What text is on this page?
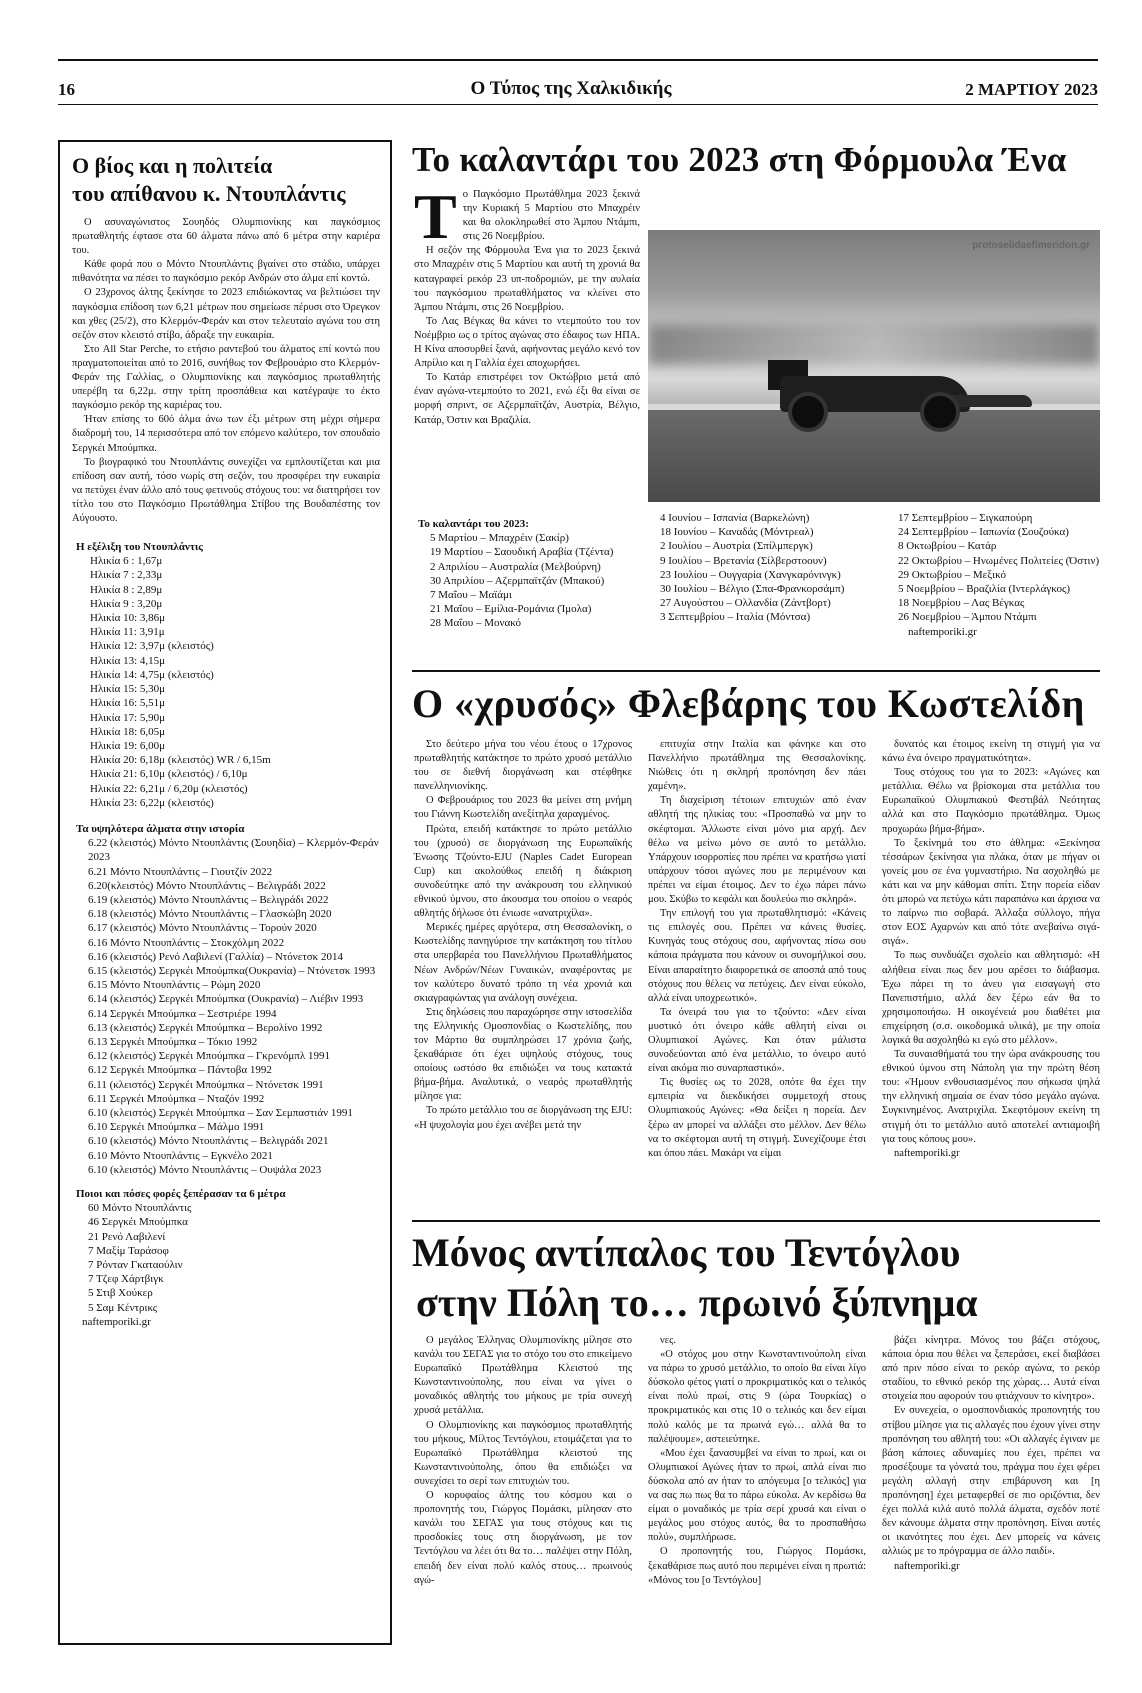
16	Ο Τύπος της Χαλκιδικής	2 ΜΑΡΤΙΟΥ 2023
Ο βίος και η πολιτεία
του απίθανου κ. Ντουπλάντις

Ο ασυναγώνιστος Σουηδός Ολυμπιονίκης και παγκόσμιος πρωταθλητής έφτασε στα 60 άλματα πάνω από 6 μέτρα στην καριέρα του.

Κάθε φορά που ο Μόντο Ντουπλάντις βγαίνει στο στάδιο, υπάρχει πιθανότητα να πέσει το παγκόσμιο ρεκόρ Ανδρών στο άλμα επί κοντώ.

Ο 23χρονος άλτης ξεκίνησε το 2023 επιδιώκοντας να βελτιώσει την παγκόσμια επίδοση των 6,21 μέτρων που σημείωσε πέρυσι στο Όρεγκον και χθες (25/2), στο Κλερμόν-Φεράν και στον τελευταίο αγώνα του στη σεζόν στον κλειστό στίβο, άδραξε την ευκαιρία.

Στο All Star Perche, το ετήσιο ραντεβού του άλματος επί κοντώ που πραγματοποιείται από το 2016, συνήθως τον Φεβρουάριο στο Κλερμόν-Φεράν της Γαλλίας, ο Ολυμπιονίκης και παγκόσμιος πρωταθλητής υπερέβη τα 6,22μ. στην τρίτη προσπάθεια και κατέγραψε το έκτο παγκόσμιο ρεκόρ της καριέρας του.

Ήταν επίσης το 60ό άλμα άνω των έξι μέτρων στη μέχρι σήμερα διαδρομή του, 14 περισσότερα από τον επόμενο καλύτερο, τον σπουδαίο Σεργκέι Μπούμπκα.

Το βιογραφικό του Ντουπλάντις συνεχίζει να εμπλουτίζεται και μια επίδοση σαν αυτή, τόσο νωρίς στη σεζόν, του προσφέρει την ευκαιρία να πετύχει έναν άλλο από τους φετινούς στόχους του: να διατηρήσει τον τίτλο του στο Παγκόσμιο Πρωτάθλημα Στίβου της Βουδαπέστης τον Αύγουστο.

Η εξέλιξη του Ντουπλάντις
Ηλικία 6 : 1,67μ
Ηλικία 7 : 2,33μ
Ηλικία 8 : 2,89μ
Ηλικία 9 : 3,20μ
Ηλικία 10: 3,86μ
Ηλικία 11: 3,91μ
Ηλικία 12: 3,97μ (κλειστός)
Ηλικία 13: 4,15μ
Ηλικία 14: 4,75μ (κλειστός)
Ηλικία 15: 5,30μ
Ηλικία 16: 5,51μ
Ηλικία 17: 5,90μ
Ηλικία 18: 6,05μ
Ηλικία 19: 6,00μ
Ηλικία 20: 6,18μ (κλειστός) WR / 6,15m
Ηλικία 21: 6,10μ (κλειστός) / 6,10μ
Ηλικία 22: 6,21μ / 6,20μ (κλειστός)
Ηλικία 23: 6,22μ (κλειστός)
Τα υψηλότερα άλματα στην ιστορία
6.22 (κλειστός) Μόντο Ντουπλάντις (Σουηδία) – Κλερμόν-Φεράν 2023
6.21 Μόντο Ντουπλάντις – Γιουτζίν 2022
6.20(κλειστός) Μόντο Ντουπλάντις – Βελιγράδι 2022
6.19 (κλειστός) Μόντο Ντουπλάντις – Βελιγράδι 2022
6.18 (κλειστός) Μόντο Ντουπλάντις – Γλασκώβη 2020
6.17 (κλειστός) Μόντο Ντουπλάντις – Τορούν 2020
6.16 Μόντο Ντουπλάντις – Στοκχόλμη 2022
6.16 (κλειστός) Ρενό Λαβιλενί (Γαλλία) – Ντόνετσκ 2014
6.15 (κλειστός) Σεργκέι Μπούμπκα(Ουκρανία) – Ντόνετσκ 1993
6.15 Μόντο Ντουπλάντις – Ρώμη 2020
6.14 (κλειστός) Σεργκέι Μπούμπκα (Ουκρανία) – Λιέβιν 1993
6.14 Σεργκέι Μπούμπκα – Σεστριέρε 1994
6.13 (κλειστός) Σεργκέι Μπούμπκα – Βερολίνο 1992
6.13 Σεργκέι Μπούμπκα – Τόκιο 1992
6.12 (κλειστός) Σεργκέι Μπούμπκα – Γκρενόμπλ 1991
6.12 Σεργκέι Μπούμπκα – Πάντοβα 1992
6.11 (κλειστός) Σεργκέι Μπούμπκα – Ντόνετσκ 1991
6.11 Σεργκέι Μπούμπκα – Νταζόν 1992
6.10 (κλειστός) Σεργκέι Μπούμπκα – Σαν Σεμπαστιάν 1991
6.10 Σεργκέι Μπούμπκα – Μάλμο 1991
6.10 (κλειστός) Μόντο Ντουπλάντις – Βελιγράδι 2021
6.10 Μόντο Ντουπλάντις – Εγκνέλο 2021
6.10 (κλειστός) Μόντο Ντουπλάντις – Ουψάλα 2023
Ποιοι και πόσες φορές ξεπέρασαν τα 6 μέτρα
60 Μόντο Ντουπλάντις
46 Σεργκέι Μπούμπκα
21 Ρενό Λαβιλενί
7 Μαξίμ Ταράσοφ
7 Ρόνταν Γκαταούλιν
7 Τζεφ Χάρτβιγκ
5 Στιβ Χούκερ
5 Σαμ Κέντρικς
naftemporiki.gr
Το καλαντάρι του 2023 στη Φόρμουλα Ένα

Το Παγκόσμιο Πρωτάθλημα 2023 ξεκινά την Κυριακή 5 Μαρτίου στο Μπαχρέιν και θα ολοκληρωθεί στο Άμπου Ντάμπι, στις 26 Νοεμβρίου.

Η σεζόν της Φόρμουλα Ένα για το 2023 ξεκινά στο Μπαχρέιν στις 5 Μαρτίου και αυτή τη χρονιά θα καταγραφεί ρεκόρ 23 υπ-ποδρομιών, με την αυλαία του παγκόσμιου πρωταθλήματος να κλείνει στο Άμπου Ντάμπι, στις 26 Νοεμβρίου.

Το Λας Βέγκας θα κάνει το ντεμπούτο του τον Νοέμβριο ως ο τρίτος αγώνας στο έδαφος των ΗΠΑ. Η Κίνα αποσυρθεί ξανά, αφήνοντας μεγάλο κενό τον Απρίλιο και η Γαλλία έχει αποχωρήσει.

Το Κατάρ επιστρέφει τον Οκτώβριο μετά από έναν αγώνα-ντεμπούτο το 2021, ενώ έξι θα είναι σε μορφή σπριντ, σε Αζερμπαϊτζάν, Αυστρία, Βέλγιο, Κατάρ, Όστιν και Βραζιλία.

protoselidaefimeridon.gr
Το καλαντάρι του 2023:
5 Μαρτίου – Μπαχρέιν (Σακίρ)
19 Μαρτίου – Σαουδική Αραβία (Τζέντα)
2 Απριλίου – Αυστραλία (Μελβούρνη)
30 Απριλίου – Αζερμπαϊτζάν (Μπακού)
7 Μαΐου – Μαϊάμι
21 Μαΐου – Εμίλια-Ρομάνια (Ίμολα)
28 Μαΐου – Μονακό
4 Ιουνίου – Ισπανία (Βαρκελώνη)
18 Ιουνίου – Καναδάς (Μόντρεαλ)
2 Ιουλίου – Αυστρία (Σπίλμπεργκ)
9 Ιουλίου – Βρετανία (Σίλβερστοουν)
23 Ιουλίου – Ουγγαρία (Χανγκαρόνινγκ)
30 Ιουλίου – Βέλγιο (Σπα-Φρανκορσάμπ)
27 Αυγούστου – Ολλανδία (Ζάντβορτ)
3 Σεπτεμβρίου – Ιταλία (Μόντσα)
17 Σεπτεμβρίου – Σιγκαπούρη
24 Σεπτεμβρίου – Ιαπωνία (Σουζούκα)
8 Οκτωβρίου – Κατάρ
22 Οκτωβρίου – Ηνωμένες Πολιτείες (Όστιν)
29 Οκτωβρίου – Μεξικό
5 Νοεμβρίου – Βραζιλία (Ιντερλάγκος)
18 Νοεμβρίου – Λας Βέγκας
26 Νοεμβρίου – Άμπου Ντάμπι
naftemporiki.gr
Ο «χρυσός» Φλεβάρης του Κωστελίδη

Στο δεύτερο μήνα του νέου έτους ο 17χρονος πρωταθλητής κατάκτησε το πρώτο χρυσό μετάλλιο του σε διεθνή διοργάνωση και στέφθηκε πανελληνιονίκης.

Ο Φεβρουάριος του 2023 θα μείνει στη μνήμη του Γιάννη Κωστελίδη ανεξίτηλα χαραγμένος.

Πρώτα, επειδή κατάκτησε το πρώτο μετάλλιο του (χρυσό) σε διοργάνωση της Ευρωπαϊκής Ένωσης Τζούντο-EJU (Naples Cadet European Cup) και ακολούθως επειδή η διάκριση συνοδεύτηκε από την ανάκρουση του ελληνικού εθνικού ύμνου, στο άκουσμα του οποίου ο νεαρός αθλητής δήλωσε ότι ένιωσε «ανατριχίλα».

Μερικές ημέρες αργότερα, στη Θεσσαλονίκη, ο Κωστελίδης πανηγύρισε την κατάκτηση του τίτλου στα υπερβαρέα του Πανελλήνιου Πρωταθλήματος Νέων Ανδρών/Νέων Γυναικών, αναφέροντας με τον καλύτερο δυνατό τρόπο τη νέα χρονιά και σκιαγραφώντας για ανάλογη συνέχεια.

Στις δηλώσεις που παραχώρησε στην ιστοσελίδα της Ελληνικής Ομοσπονδίας ο Κωστελίδης, που τον Μάρτιο θα συμπληρώσει 17 χρόνια ζωής, ξεκαθάρισε ότι έχει υψηλούς στόχους, τους οποίους ωστόσο θα επιδιώξει να τους κατακτά βήμα-βήμα. Αναλυτικά, ο νεαρός πρωταθλητής μίλησε για:

Το πρώτο μετάλλιο του σε διοργάνωση της EJU: «Η ψυχολογία μου έχει ανέβει μετά την

επιτυχία στην Ιταλία και φάνηκε και στο Πανελλήνιο πρωτάθλημα της Θεσσαλονίκης. Νιώθεις ότι η σκληρή προπόνηση δεν πάει χαμένη».

Τη διαχείριση τέτοιων επιτυχιών από έναν αθλητή της ηλικίας του: «Προσπαθώ να μην το σκέφτομαι. Άλλωστε είναι μόνο μια αρχή. Δεν θέλω να μείνω μόνο σε αυτό το μετάλλιο. Υπάρχουν ισορροπίες που πρέπει να κρατήσω γιατί υπάρχουν τόσοι αγώνες που με περιμένουν και πρέπει να είμαι έτοιμος. Δεν το έχω πάρει πάνω μου. Σκύβω το κεφάλι και δουλεύω πιο σκληρά».

Την επιλογή του για πρωταθλητισμό: «Κάνεις τις επιλογές σου. Πρέπει να κάνεις θυσίες. Κυνηγάς τους στόχους σου, αφήνοντας πίσω σου κάποια πράγματα που κάνουν οι συνομήλικοί σου. Είναι απαραίτητο διαφορετικά σε αποσπά από τους στόχους που θέλεις να πετύχεις. Δεν είναι εύκολο, αλλά είναι υποχρεωτικό».

Τα όνειρά του για το τζούντο: «Δεν είναι μυστικό ότι όνειρο κάθε αθλητή είναι οι Ολυμπιακοί Αγώνες. Και όταν μάλιστα συνοδεύονται από ένα μετάλλιο, το όνειρο αυτό είναι ακόμα πιο συναρπαστικό».

Τις θυσίες ως το 2028, οπότε θα έχει την εμπειρία να διεκδικήσει συμμετοχή στους Ολυμπιακούς Αγώνες: «Θα δείξει η πορεία. Δεν ξέρω αν μπορεί να αλλάξει στο μέλλον. Δεν θέλω να το σκέφτομαι αυτή τη στιγμή. Συνεχίζουμε έτσι και όπου πάει. Μακάρι να είμαι

δυνατός και έτοιμος εκείνη τη στιγμή για να κάνω ένα όνειρο πραγματικότητα».

Τους στόχους του για το 2023: «Αγώνες και μετάλλια. Θέλω να βρίσκομαι στα μετάλλια του Ευρωπαϊκού Ολυμπιακού Φεστιβάλ Νεότητας αλλά και στο Παγκόσμιο πρωτάθλημα. Όμως προχωράω βήμα-βήμα».

Το ξεκίνημά του στο άθλημα: «Ξεκίνησα τέσσάρων ξεκίνησα για πλάκα, όταν με πήγαν οι γονείς μου σε ένα γυμναστήριο. Να ασχοληθώ με κάτι και να μην κάθομαι σπίτι. Στην πορεία είδαν ότι μπορώ να πετύχω κάτι παραπάνω και άρχισα να το παίρνω πιο σοβαρά. Άλλαξα σύλλογο, πήγα στον ΕΟΣ Αχαρνών και από τότε ανεβαίνω σιγά-σιγά».

Το πως συνδυάζει σχολείο και αθλητισμό: «Η αλήθεια είναι πως δεν μου αρέσει το διάβασμα. Έχω πάρει τη το άνευ για εισαγωγή στο Πανεπιστήμιο, αλλά δεν ξέρω εάν θα το χρησιμοποιήσω. Η οικογένειά μου διαθέτει μια επιχείρηση (σ.σ. οικοδομικά υλικά), με την οποία λογικά θα ασχοληθώ κι εγώ στο μέλλον».

Τα συναισθήματά του την ώρα ανάκρουσης του εθνικού ύμνου στη Νάπολη για την πρώτη θέση του: «Ήμουν ενθουσιασμένος που σήκωσα ψηλά την ελληνική σημαία σε έναν τόσο μεγάλο αγώνα. Συγκινημένος. Ανατριχίλα. Σκεφτόμουν εκείνη τη στιγμή ότι το μετάλλιο αυτό αποτελεί αντιαμοιβή για τους κόπους μου».

naftemporiki.gr

Μόνος αντίπαλος του Τεντόγλου
στην Πόλη το… πρωινό ξύπνημα

Ο μεγάλος Έλληνας Ολυμπιονίκης μίλησε στο κανάλι του ΣΕΓΑΣ για το στόχο του στο επικείμενο Ευρωπαϊκό Πρωτάθλημα Κλειστού της Κωνσταντινούπολης, που είναι να γίνει ο μοναδικός αθλητής του μήκους με τρία συνεχή χρυσά μετάλλια.

Ο Ολυμπιονίκης και παγκόσμιος πρωταθλητής του μήκους, Μίλτος Τεντόγλου, ετοιμάζεται για το Ευρωπαϊκό Πρωτάθλημα κλειστού της Κωνσταντινούπολης, όπου θα επιδιώξει να συνεχίσει το σερί των επιτυχιών του.

Ο κορυφαίος άλτης του κόσμου και ο προπονητής του, Γιώργος Πομάσκι, μίλησαν στο κανάλι του ΣΕΓΑΣ για τους στόχους και τις προσδοκίες τους στη διοργάνωση, με τον Τεντόγλου να λέει ότι θα το… παλέψει στην Πόλη, επειδή δεν είναι πολύ καλός στους… πρωινούς αγώ-

νες.

«Ο στόχος μου στην Κωνσταντινούπολη είναι να πάρω το χρυσό μετάλλιο, το οποίο θα είναι λίγο δύσκολο φέτος γιατί ο προκριματικός και ο τελικός είναι πολύ πρωί, στις 9 (ώρα Τουρκίας) ο προκριματικός και στις 10 ο τελικός και δεν είμαι πολύ καλός με τα πρωινά εγώ… αλλά θα το παλέψουμε», αστειεύτηκε.

«Μου έχει ξανασυμβεί να είναι το πρωί, και οι Ολυμπιακοί Αγώνες ήταν το πρωί, απλά είναι πιο δύσκολα από αν ήταν το απόγευμα [ο τελικός] για να σας πω πως θα το πάρω εύκολα. Αν κερδίσω θα είμαι ο μοναδικός με τρία σερί χρυσά και είναι ο μεγάλος μου στόχος αυτός, θα το προσπαθήσω πολύ», συμπλήρωσε.

Ο προπονητής του, Γιώργος Πομάσκι, ξεκαθάρισε πως αυτό που περιμένει είναι η πρωτιά: «Μόνος του [ο Τεντόγλου]

βάζει κίνητρα. Μόνος του βάζει στόχους, κάποια όρια που θέλει να ξεπεράσει, εκεί διαβάσει από πριν πόσο είναι το ρεκόρ αγώνα, το ρεκόρ σταδίου, το εθνικό ρεκόρ της χώρας… Αυτά είναι στοιχεία που αφορούν του φτιάχνουν το κίνητρο».

Εν συνεχεία, ο ομοσπονδιακός προπονητής του στίβου μίλησε για τις αλλαγές που έχουν γίνει στην προπόνηση του αθλητή του: «Οι αλλαγές έγιναν με βάση κάποιες αδυναμίες που έχει, πρέπει να προσέξουμε τα γόνατά του, πράγμα που έχει φέρει μεγάλη αλλαγή στην επιβάρυνση και [η προπόνηση] έχει μεταφερθεί σε πιο οριζόντια, δεν έχει πολλά κιλά αυτό πολλά άλματα, σχεδόν ποτέ δεν κάνουμε άλματα στην προπόνηση. Είναι αυτές οι ικανότητες που έχει. Δεν μπορείς να κάνεις αλλιώς με το πρόγραμμα σε άλλο παιδί».

naftemporiki.gr
